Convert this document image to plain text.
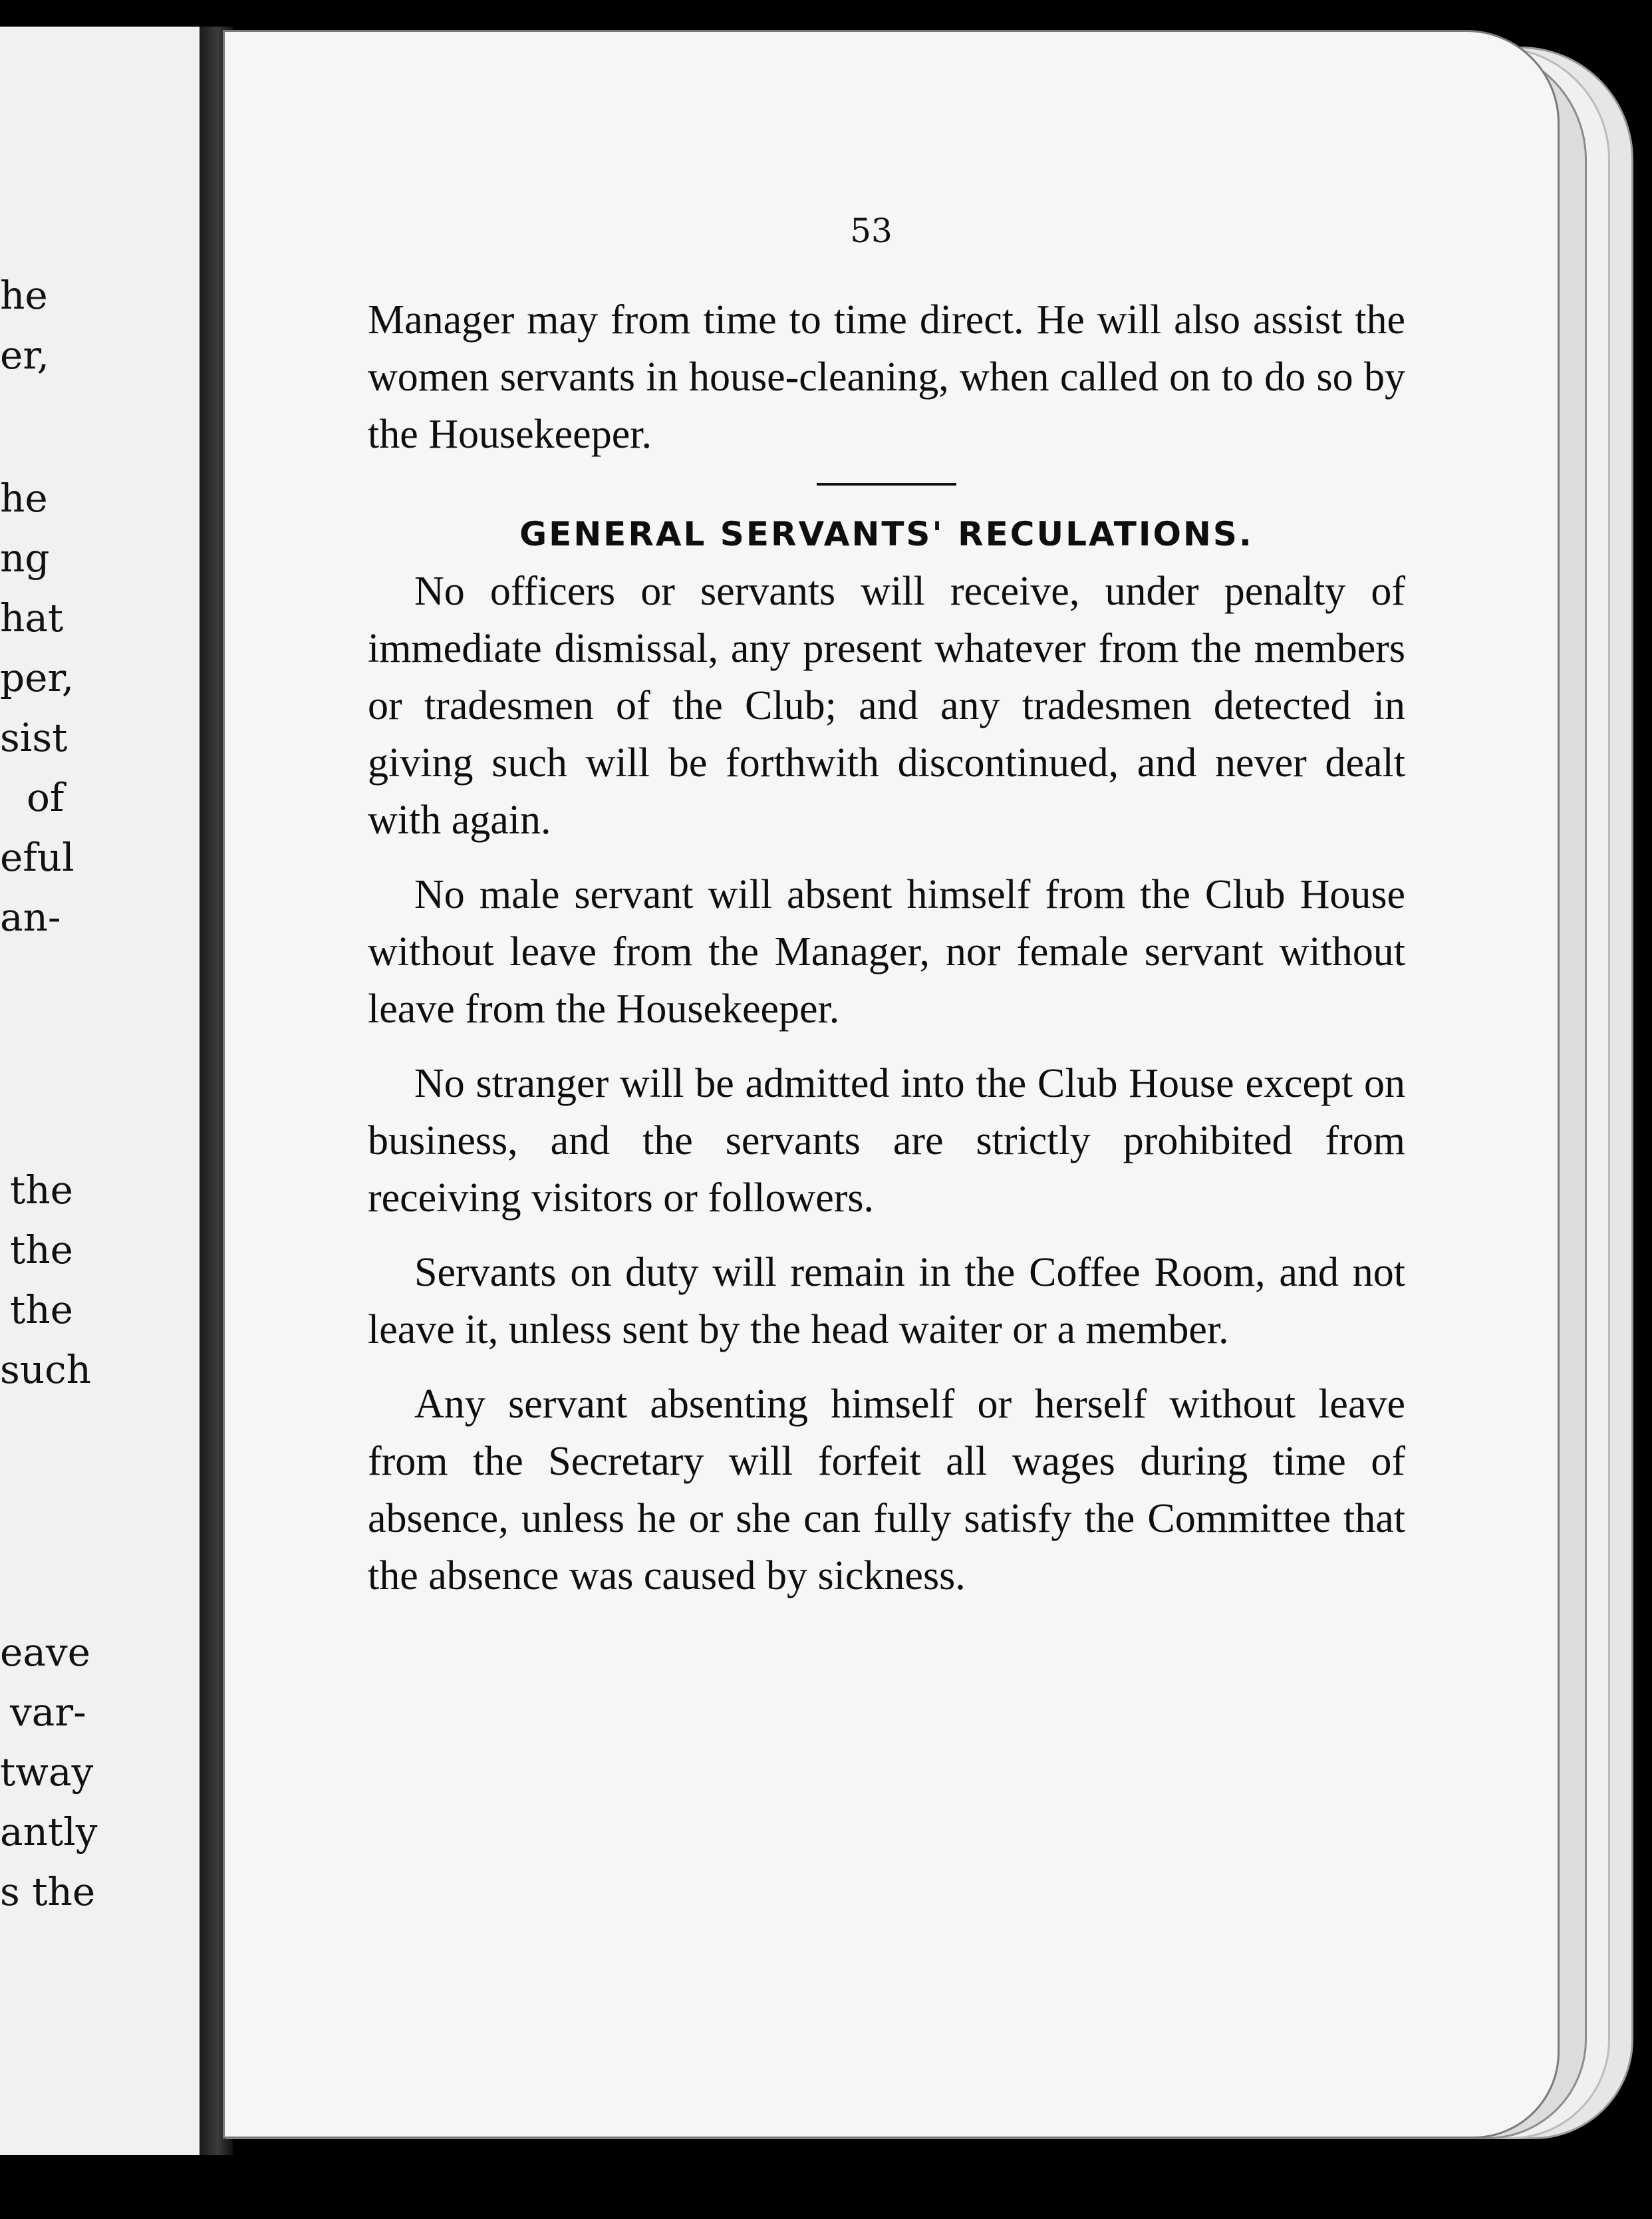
he
er,
he
ng
hat
per,
sist
of
eful
an-
the
the
the
such
eave
var-
tway
antly
s the
53

Manager may from time to time direct. He will also assist the women servants in house-cleaning, when called on to do so by the Housekeeper.

GENERAL SERVANTS' RECULATIONS.

No officers or servants will receive, under penalty of immediate dismissal, any present whatever from the members or tradesmen of the Club; and any tradesmen detected in giving such will be forthwith discontinued, and never dealt with again.

No male servant will absent himself from the Club House without leave from the Manager, nor female servant without leave from the Housekeeper.

No stranger will be admitted into the Club House except on business, and the servants are strictly prohibited from receiving visitors or followers.

Servants on duty will remain in the Coffee Room, and not leave it, unless sent by the head waiter or a member.

Any servant absenting himself or herself without leave from the Secretary will forfeit all wages during time of absence, unless he or she can fully satisfy the Committee that the absence was caused by sickness.
